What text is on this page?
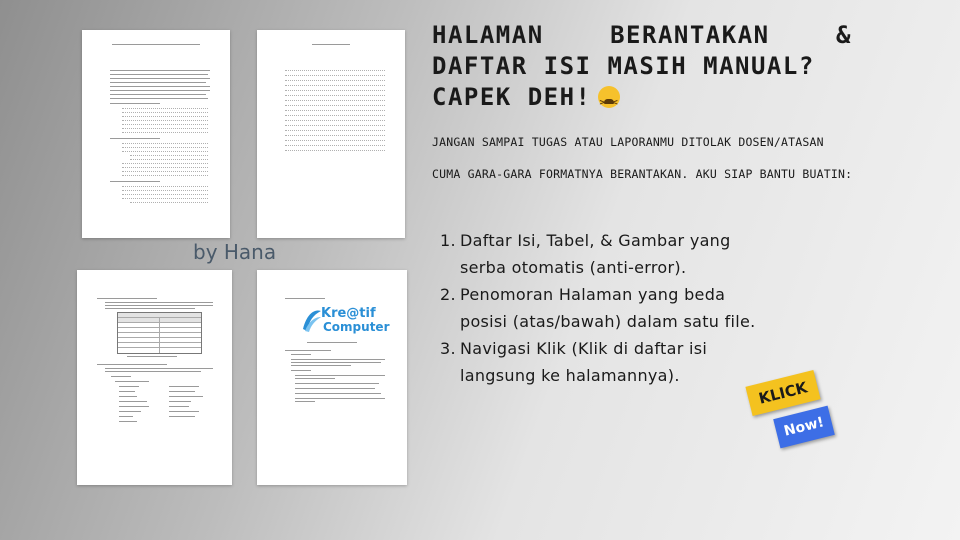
Kre@tif
Computer
by Hana
HALAMAN	BERANTAKAN	&
DAFTAR ISI MASIH MANUAL?
CAPEK DEH!> <
JANGAN SAMPAI TUGAS ATAU LAPORANMU DITOLAK DOSEN/ATASAN
CUMA GARA-GARA FORMATNYA BERANTAKAN. AKU SIAP BANTU BUATIN:
1. Daftar Isi, Tabel, & Gambar yang
serba otomatis (anti-error).
2. Penomoran Halaman yang beda
posisi (atas/bawah) dalam satu file.
3. Navigasi Klik (Klik di daftar isi
langsung ke halamannya).
KLICK
Now!
